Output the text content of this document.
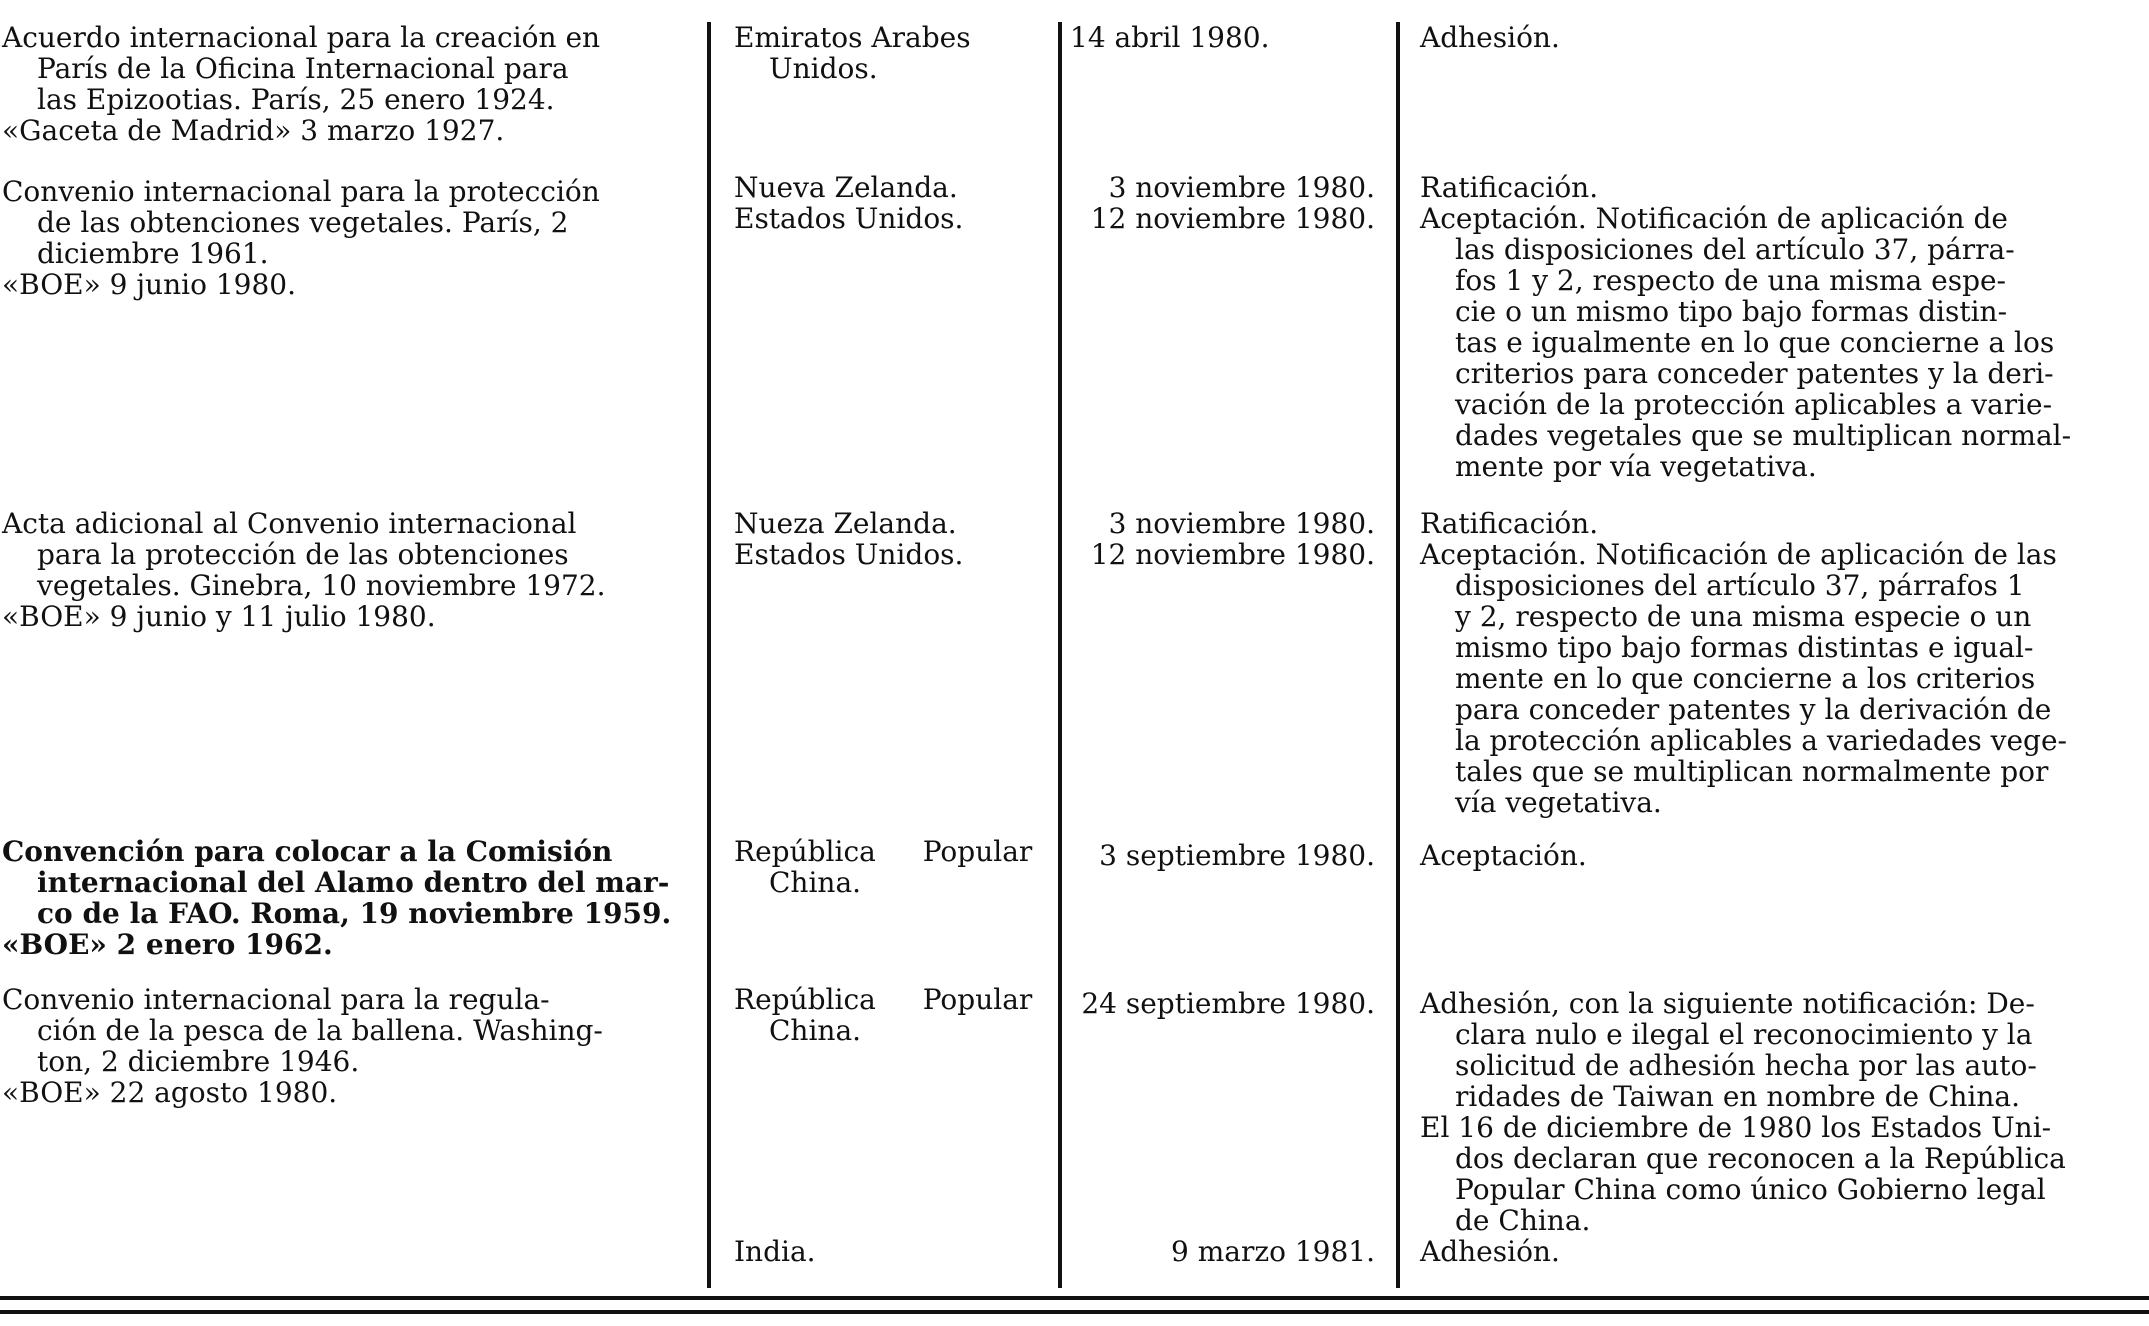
Acuerdo internacional para la creación en
París de la Oficina Internacional para
las Epizootias. París, 25 enero 1924.
«Gaceta de Madrid» 3 marzo 1927.
Emiratos Arabes
Unidos.
14 abril 1980.	Adhesión.
Convenio internacional para la protección
de las obtenciones vegetales. París, 2
diciembre 1961.
«BOE» 9 junio 1980.
Nueva Zelanda.
Estados Unidos.
3 noviembre 1980.
12 noviembre 1980.
Ratificación.
Aceptación. Notificación de aplicación de
las disposiciones del artículo 37, párra-
fos 1 y 2, respecto de una misma espe-
cie o un mismo tipo bajo formas distin-
tas e igualmente en lo que concierne a los
criterios para conceder patentes y la deri-
vación de la protección aplicables a varie-
dades vegetales que se multiplican normal-
mente por vía vegetativa.
Acta adicional al Convenio internacional
para la protección de las obtenciones
vegetales. Ginebra, 10 noviembre 1972.
«BOE» 9 junio y 11 julio 1980.
Nueza Zelanda.
Estados Unidos.
3 noviembre 1980.
12 noviembre 1980.
Ratificación.
Aceptación. Notificación de aplicación de las
disposiciones del artículo 37, párrafos 1
y 2, respecto de una misma especie o un
mismo tipo bajo formas distintas e igual-
mente en lo que concierne a los criterios
para conceder patentes y la derivación de
la protección aplicables a variedades vege-
tales que se multiplican normalmente por
vía vegetativa.
Convención para colocar a la Comisión
internacional del Alamo dentro del mar-
co de la FAO. Roma, 19 noviembre 1959.
«BOE» 2 enero 1962.
República Popular
China.
3 septiembre 1980. Aceptación.
Convenio internacional para la regula-
ción de la pesca de la ballena. Washing-
ton, 2 diciembre 1946.
«BOE» 22 agosto 1980.
República Popular
China.
24 septiembre 1980. Adhesión, con la siguiente notificación: De-
clara nulo e ilegal el reconocimiento y la
solicitud de adhesión hecha por las auto-
ridades de Taiwan en nombre de China.
El 16 de diciembre de 1980 los Estados Uni-
dos declaran que reconocen a la República
Popular China como único Gobierno legal
de China.
India.	9 marzo 1981. Adhesión.
